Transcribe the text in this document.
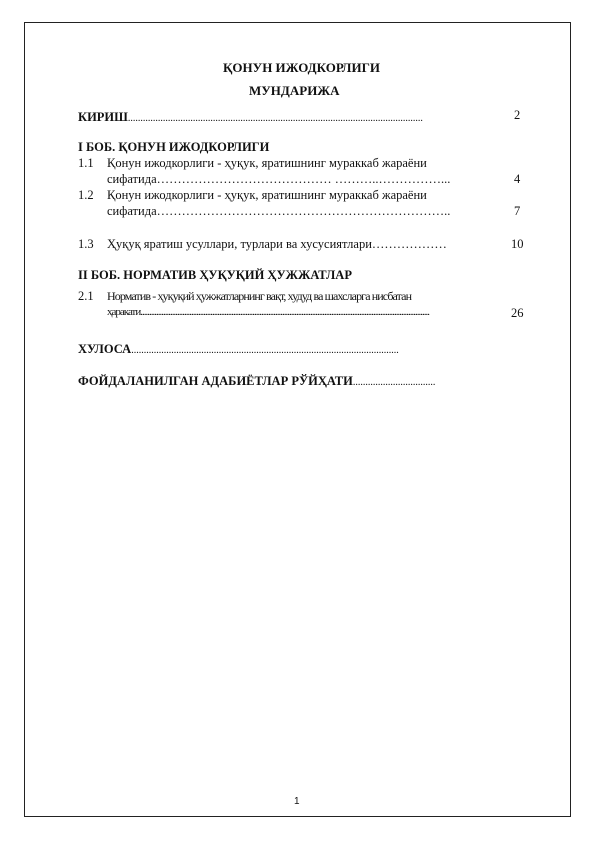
ҚОНУН ИЖОДКОРЛИГИ
МУНДАРИЖА
КИРИШ......................................................................................................................	2
I БОБ. ҚОНУН ИЖОДКОРЛИГИ
1.1 Қонун ижодкорлиги - ҳуқук, яратишнинг мураккаб жараёни
сифатида…………………………………… ………..……………...	4
1.2 Қонун ижодкорлиги - ҳуқук, яратишнинг мураккаб жараёни
сифатида……………………………………………………………..	7
1.3 Ҳуқуқ яратиш усуллари, турлари ва хусусиятлари………………	10
II БОБ. НОРМАТИВ ҲУҚУҚИЙ ҲУЖЖАТЛАР
2.1 Норматив - ҳуқуқий ҳужжатларнинг вақт, худуд ва шахсларга нисбатан
ҳаракати.....................................................................................................................................................................	26
ХУЛОСА...........................................................................................................
ФОЙДАЛАНИЛГАН АДАБИЁТЛАР РЎЙҲАТИ.................................
1
